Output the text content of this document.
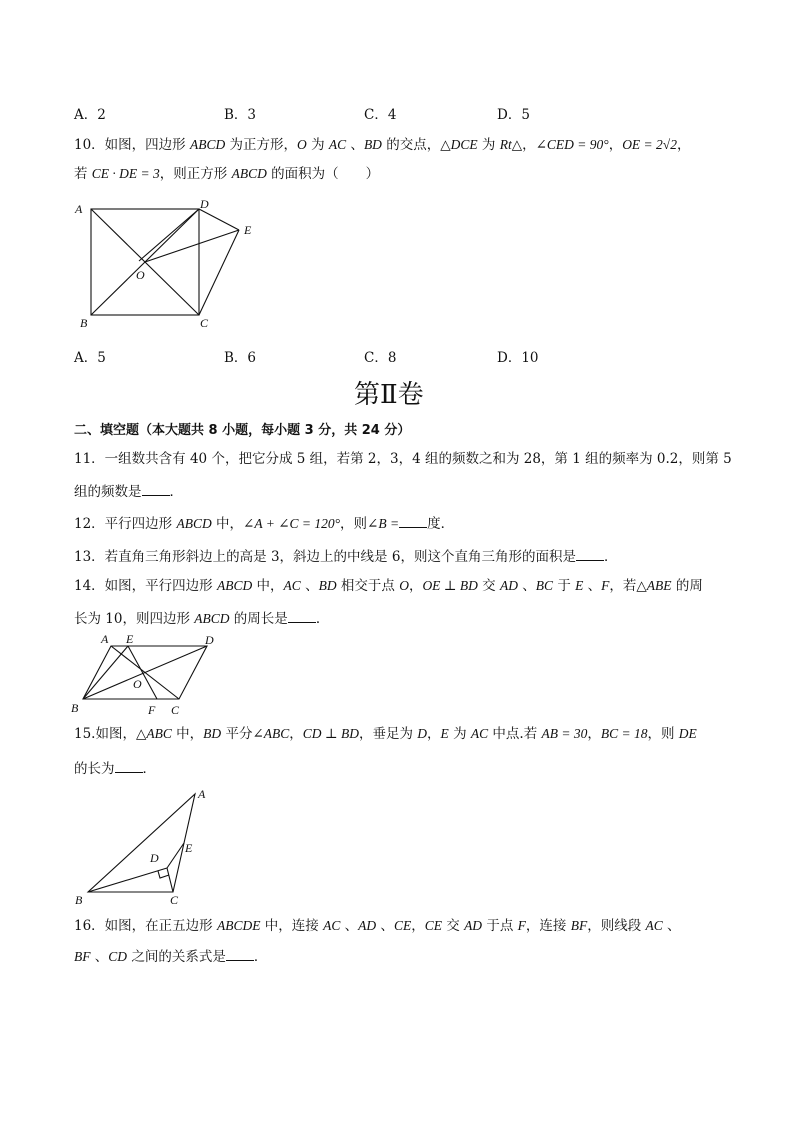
A．2	B．3	C．4	D．5
10．如图，四边形 ABCD 为正方形，O 为 AC 、BD 的交点，△DCE 为 Rt△，∠CED = 90°，OE = 2√2，
若 CE · DE = 3，则正方形 ABCD 的面积为（　　）
A
B	C
D
E
O
A．5	B．6	C．8	D．10
第Ⅱ卷
二、填空题（本大题共 8 小题，每小题 3 分，共 24 分）
11．一组数共含有 40 个，把它分成 5 组，若第 2，3，4 组的频数之和为 28，第 1 组的频率为 0.2，则第 5
组的频数是 ．
12．平行四边形 ABCD 中，∠A + ∠C = 120°，则∠B = 度．
13．若直角三角形斜边上的高是 3，斜边上的中线是 6，则这个直角三角形的面积是 ．
14．如图，平行四边形 ABCD 中，AC 、BD 相交于点 O，OE ⊥ BD 交 AD 、BC 于 E 、F，若△ABE 的周
长为 10，则四边形 ABCD 的周长是 ．
A E	D
O
B	F C
15.如图，△ABC 中，BD 平分∠ABC，CD ⊥ BD，垂足为 D，E 为 AC 中点.若 AB = 30，BC = 18，则 DE
的长为 ．
A
B	C
D
E
16．如图，在正五边形 ABCDE 中，连接 AC 、AD 、CE，CE 交 AD 于点 F，连接 BF，则线段 AC 、
BF 、CD 之间的关系式是 ．
